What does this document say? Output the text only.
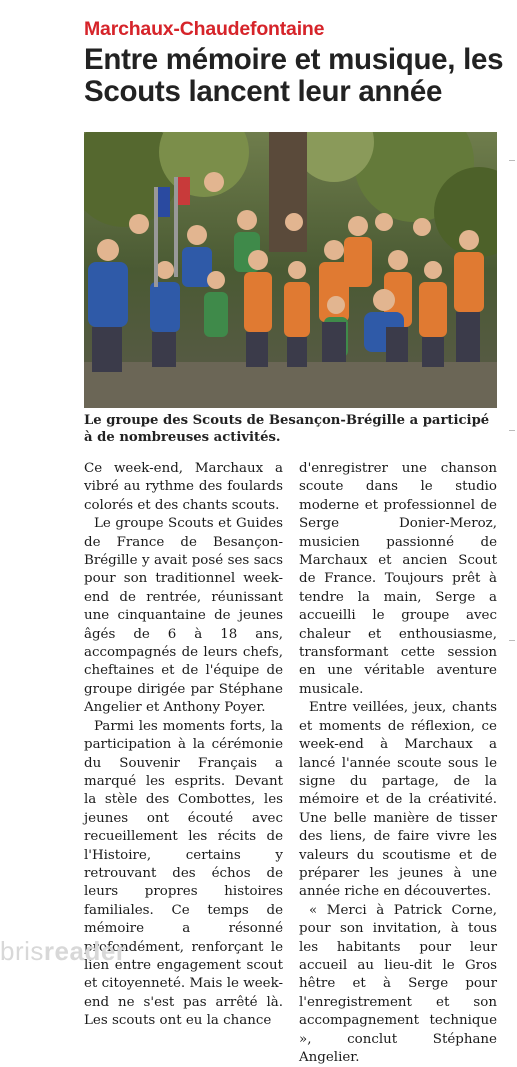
Marchaux-Chaudefontaine
Entre mémoire et musique, les Scouts lancent leur année
Le groupe des Scouts de Besançon-Brégille a participé à de nombreuses activités.

Ce week-end, Marchaux a vibré au rythme des foulards colorés et des chants scouts.

Le groupe Scouts et Guides de France de Besançon-Brégille y avait posé ses sacs pour son traditionnel week-end de rentrée, réunissant une cinquantaine de jeunes âgés de 6 à 18 ans, accompagnés de leurs chefs, cheftaines et de l'équipe de groupe dirigée par Stéphane Angelier et Anthony Poyer.

Parmi les moments forts, la participation à la cérémonie du Souvenir Français a marqué les esprits. Devant la stèle des Combottes, les jeunes ont écouté avec recueillement les récits de l'Histoire, certains y retrouvant des échos de leurs propres histoires familiales. Ce temps de mémoire a résonné profondément, renforçant le lien entre engagement scout et citoyenneté. Mais le week-end ne s'est pas arrêté là. Les scouts ont eu la chance

d'enregistrer une chanson scoute dans le studio moderne et professionnel de Serge Donier-Meroz, musicien passionné de Marchaux et ancien Scout de France. Toujours prêt à tendre la main, Serge a accueilli le groupe avec chaleur et enthousiasme, transformant cette session en une véritable aventure musicale.

Entre veillées, jeux, chants et moments de réflexion, ce week-end à Marchaux a lancé l'année scoute sous le signe du partage, de la mémoire et de la créativité. Une belle manière de tisser des liens, de faire vivre les valeurs du scoutisme et de préparer les jeunes à une année riche en découvertes.

« Merci à Patrick Corne, pour son invitation, à tous les habitants pour leur accueil au lieu-dit le Gros hêtre et à Serge pour l'enregistrement et son accompagnement technique », conclut Stéphane Angelier.

brisreader
